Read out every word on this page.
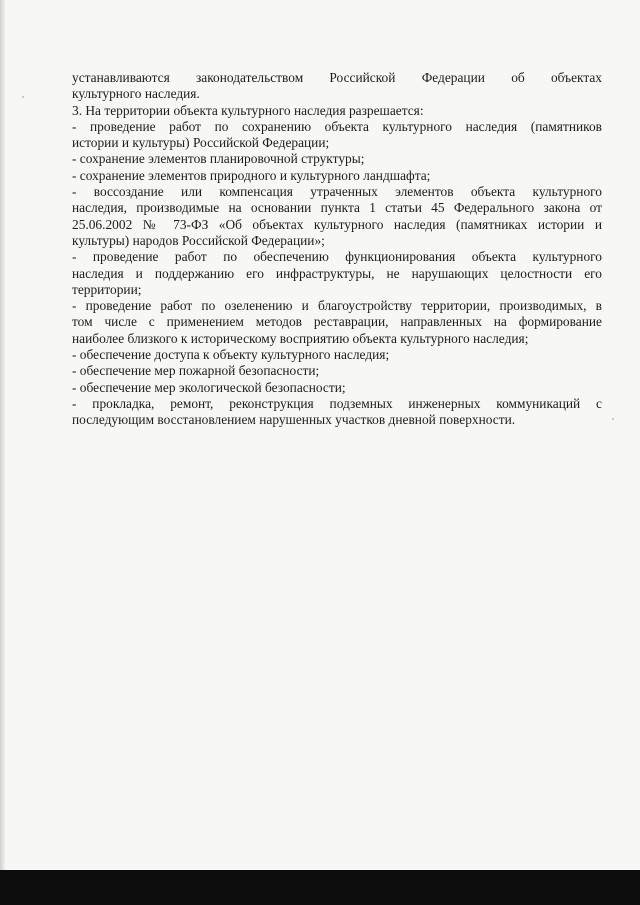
устанавливаются законодательством Российской Федерации об объектах

культурного наследия.

3. На территории объекта культурного наследия разрешается:

- проведение работ по сохранению объекта культурного наследия (памятников

истории и культуры) Российской Федерации;

- сохранение элементов планировочной структуры;

- сохранение элементов природного и культурного ландшафта;

- воссоздание или компенсация утраченных элементов объекта культурного

наследия, производимые на основании пункта 1 статьи 45 Федерального закона от

25.06.2002 № 73-ФЗ «Об объектах культурного наследия (памятниках истории и

культуры) народов Российской Федерации»;

- проведение работ по обеспечению функционирования объекта культурного

наследия и поддержанию его инфраструктуры, не нарушающих целостности его

территории;

- проведение работ по озеленению и благоустройству территории, производимых, в

том числе с применением методов реставрации, направленных на формирование

наиболее близкого к историческому восприятию объекта культурного наследия;

- обеспечение доступа к объекту культурного наследия;

- обеспечение мер пожарной безопасности;

- обеспечение мер экологической безопасности;

- прокладка, ремонт, реконструкция подземных инженерных коммуникаций с

последующим восстановлением нарушенных участков дневной поверхности.
